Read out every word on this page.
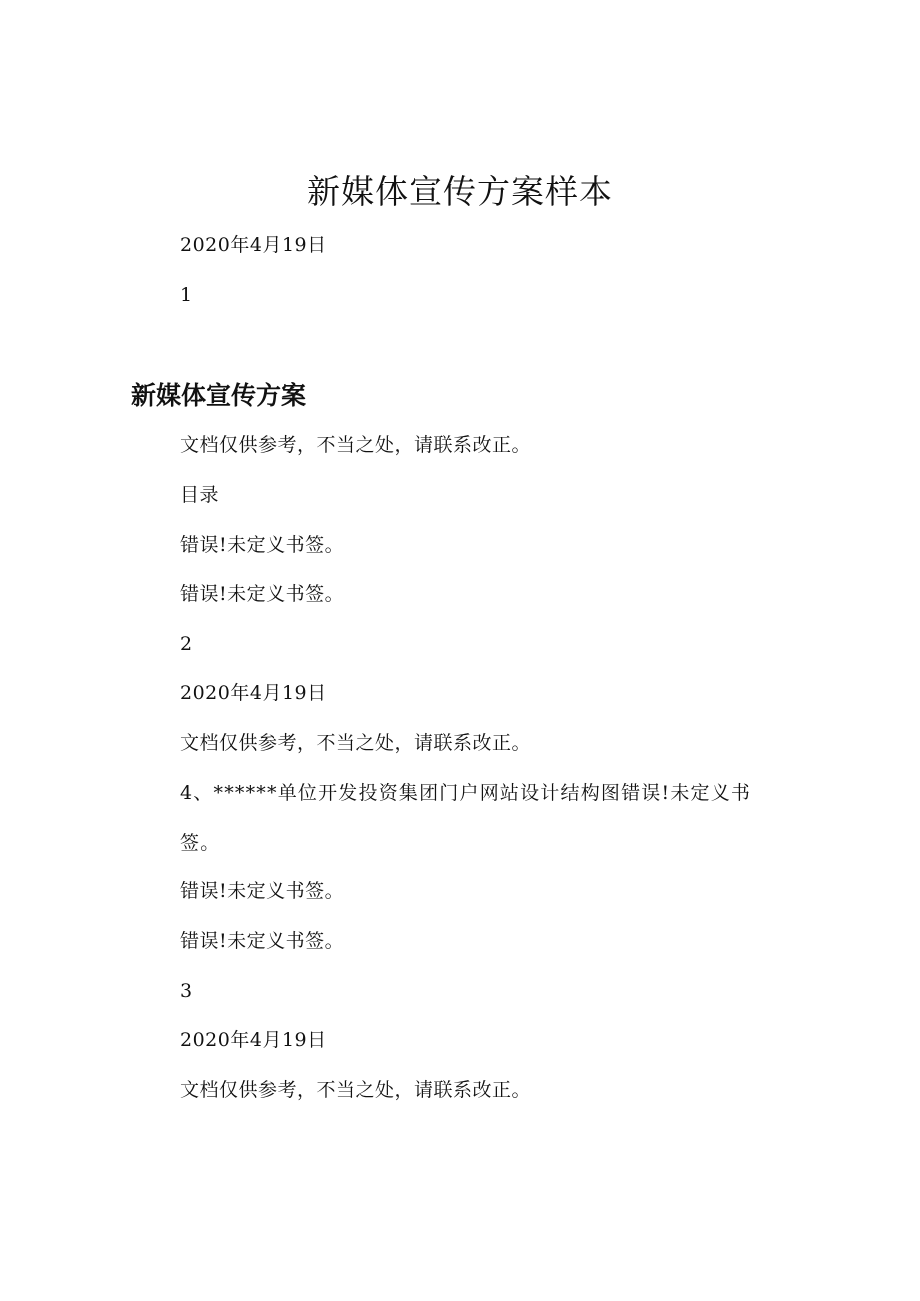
新媒体宣传方案样本
2020年4月19日
1
新媒体宣传方案
文档仅供参考，不当之处，请联系改正。
目录
错误!未定义书签。
错误!未定义书签。
2
2020年4月19日
文档仅供参考，不当之处，请联系改正。
4、******单位开发投资集团门户网站设计结构图错误!未定义书签。
错误!未定义书签。
错误!未定义书签。
3
2020年4月19日
文档仅供参考，不当之处，请联系改正。
